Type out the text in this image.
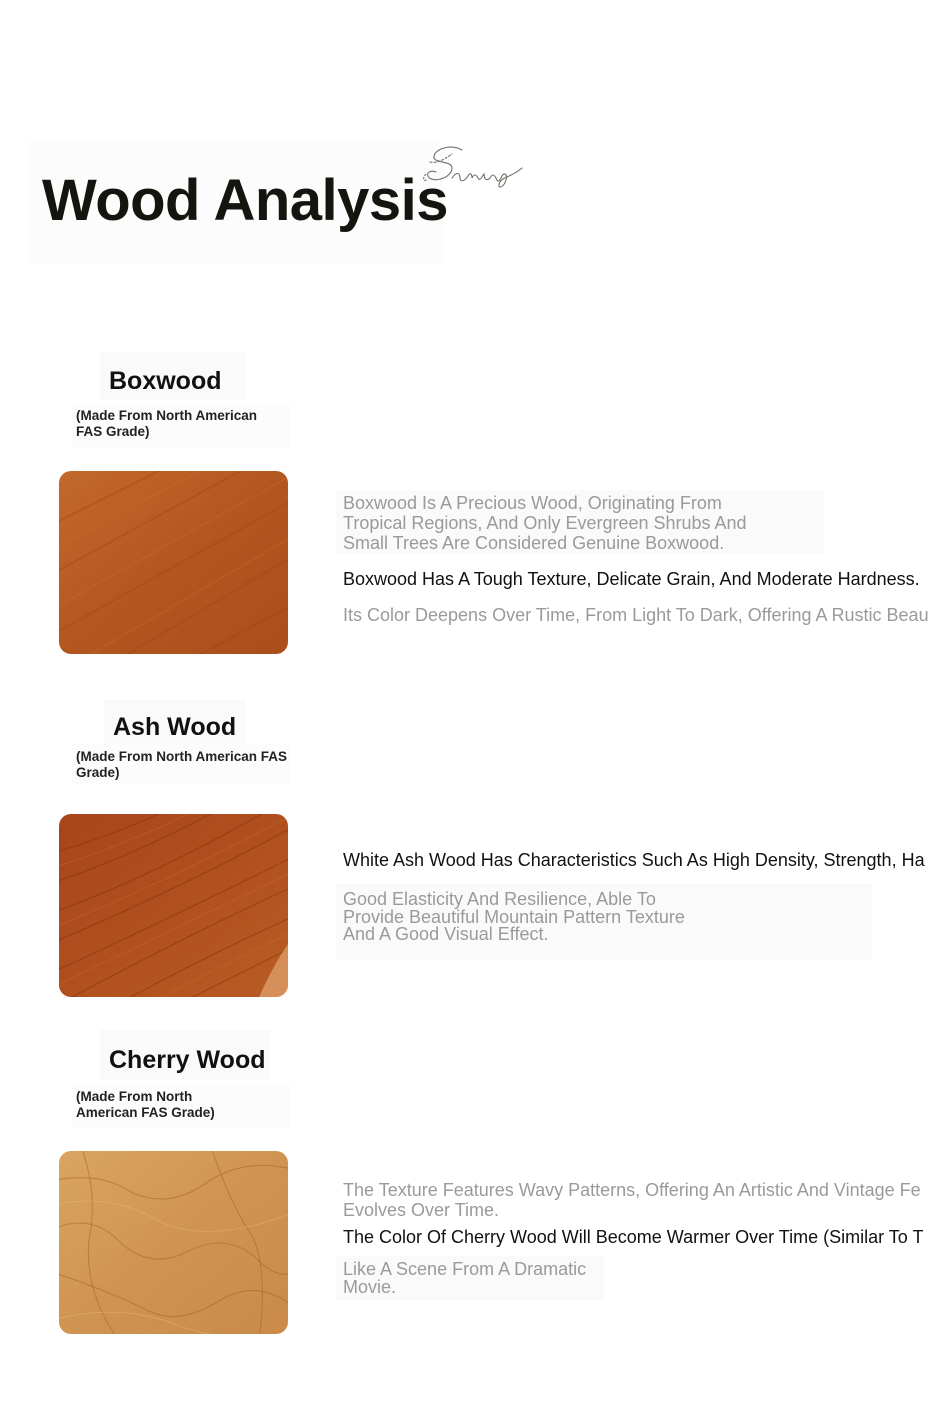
Wood Analysis
Boxwood
(Made From North American
FAS Grade)
Boxwood Is A Precious Wood, Originating From
Tropical Regions, And Only Evergreen Shrubs And
Small Trees Are Considered Genuine Boxwood.
Boxwood Has A Tough Texture, Delicate Grain, And Moderate Hardness.
Its Color Deepens Over Time, From Light To Dark, Offering A Rustic Beau
Ash Wood
(Made From North American FAS
Grade)
White Ash Wood Has Characteristics Such As High Density, Strength, Ha
Good Elasticity And Resilience, Able To
Provide Beautiful Mountain Pattern Texture
And A Good Visual Effect.
Cherry Wood
(Made From North
American FAS Grade)
The Texture Features Wavy Patterns, Offering An Artistic And Vintage Fe
Evolves Over Time.
The Color Of Cherry Wood Will Become Warmer Over Time (Similar To T
Like A Scene From A Dramatic
Movie.
